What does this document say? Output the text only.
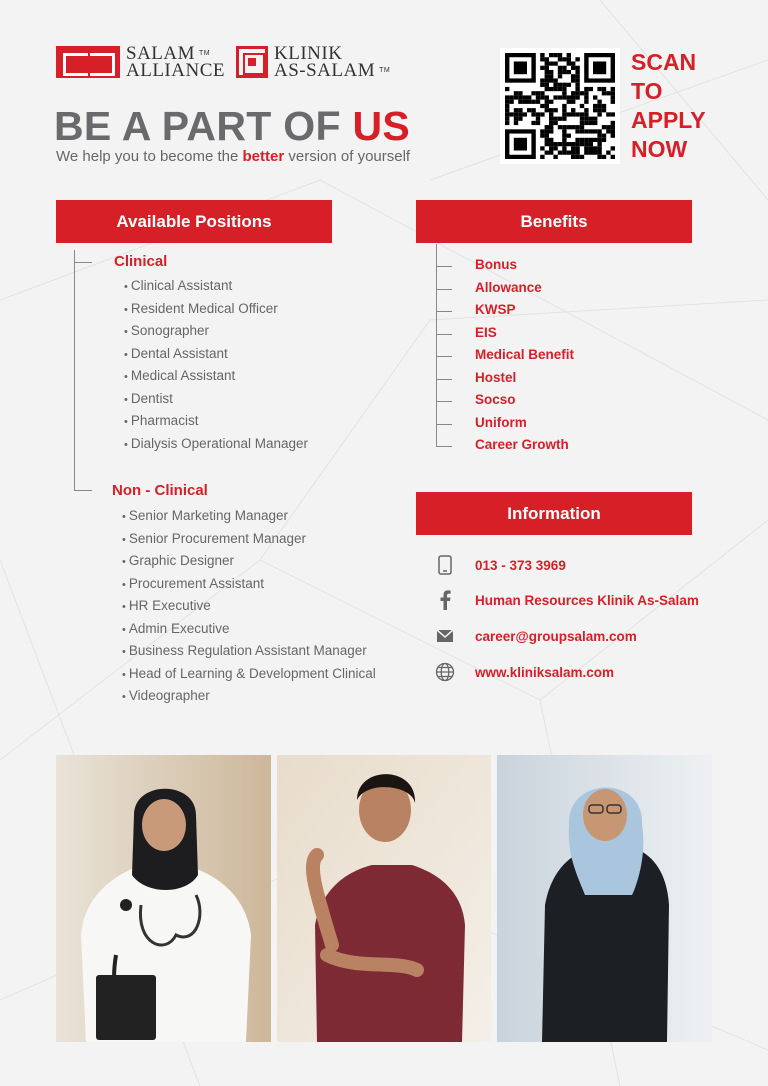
SALAM ™
ALLIANCE
KLINIK
AS-SALAM ™
BE A PART OF US
We help you to become the better version of yourself
SCAN
TO
APPLY
NOW
Available Positions
Clinical
• Clinical Assistant
• Resident Medical Officer
• Sonographer
• Dental Assistant
• Medical Assistant
• Dentist
• Pharmacist
• Dialysis Operational Manager
Non - Clinical
• Senior Marketing Manager
• Senior Procurement Manager
• Graphic Designer
• Procurement Assistant
• HR Executive
• Admin Executive
• Business Regulation Assistant Manager
• Head of Learning & Development Clinical
• Videographer
Benefits
Bonus
Allowance
KWSP
EIS
Medical Benefit
Hostel
Socso
Uniform
Career Growth
Information
013 - 373 3969
Human Resources Klinik As-Salam
career@groupsalam.com
www.kliniksalam.com
